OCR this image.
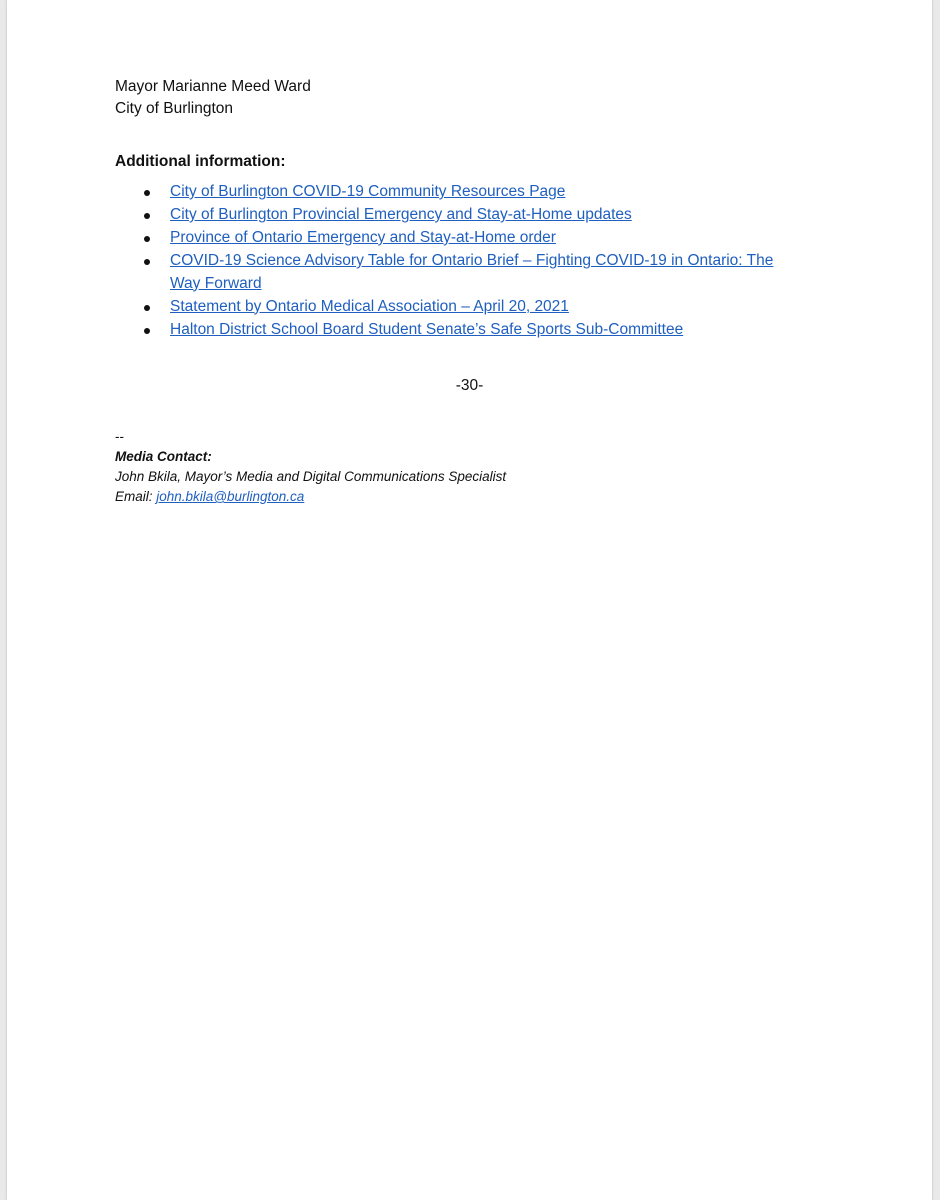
Mayor Marianne Meed Ward
City of Burlington
Additional information:
City of Burlington COVID-19 Community Resources Page
City of Burlington Provincial Emergency and Stay-at-Home updates
Province of Ontario Emergency and Stay-at-Home order
COVID-19 Science Advisory Table for Ontario Brief – Fighting COVID-19 in Ontario: The Way Forward
Statement by Ontario Medical Association – April 20, 2021
Halton District School Board Student Senate’s Safe Sports Sub-Committee
-30-
--
Media Contact:
John Bkila, Mayor’s Media and Digital Communications Specialist
Email: john.bkila@burlington.ca
